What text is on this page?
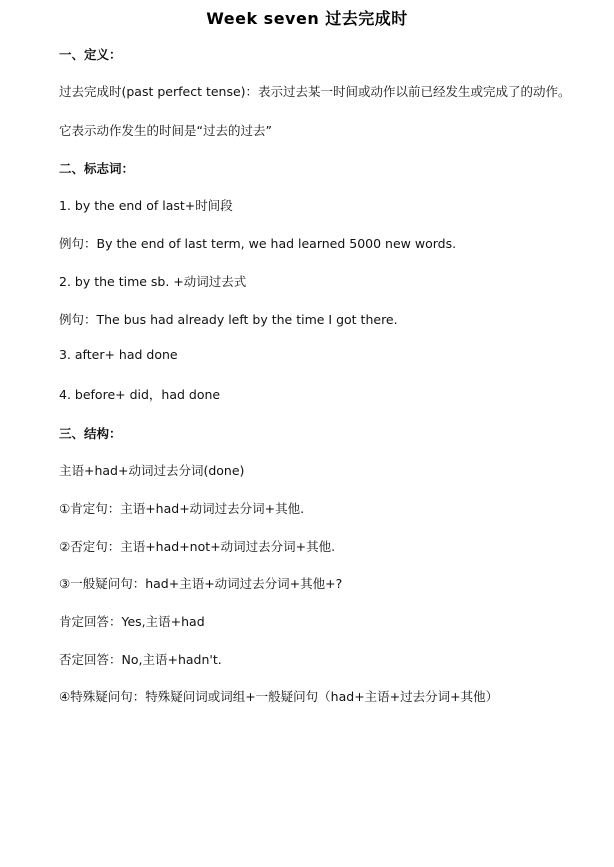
Week seven 过去完成时
一、定义：
过去完成时(past perfect tense)：表示过去某一时间或动作以前已经发生或完成了的动作。
它表示动作发生的时间是“过去的过去”
二、标志词：
1. by the end of last+时间段
例句：By the end of last term, we had learned 5000 new words.
2. by the time sb. +动词过去式
例句：The bus had already left by the time I got there.
3. after+ had done
4. before+ did，had done
三、结构：
主语+had+动词过去分词(done)
①肯定句：主语+had+动词过去分词+其他.
②否定句：主语+had+not+动词过去分词+其他.
③一般疑问句：had+主语+动词过去分词+其他+?
肯定回答：Yes,主语+had
否定回答：No,主语+hadn't.
④特殊疑问句：特殊疑问词或词组+一般疑问句（had+主语+过去分词+其他）
